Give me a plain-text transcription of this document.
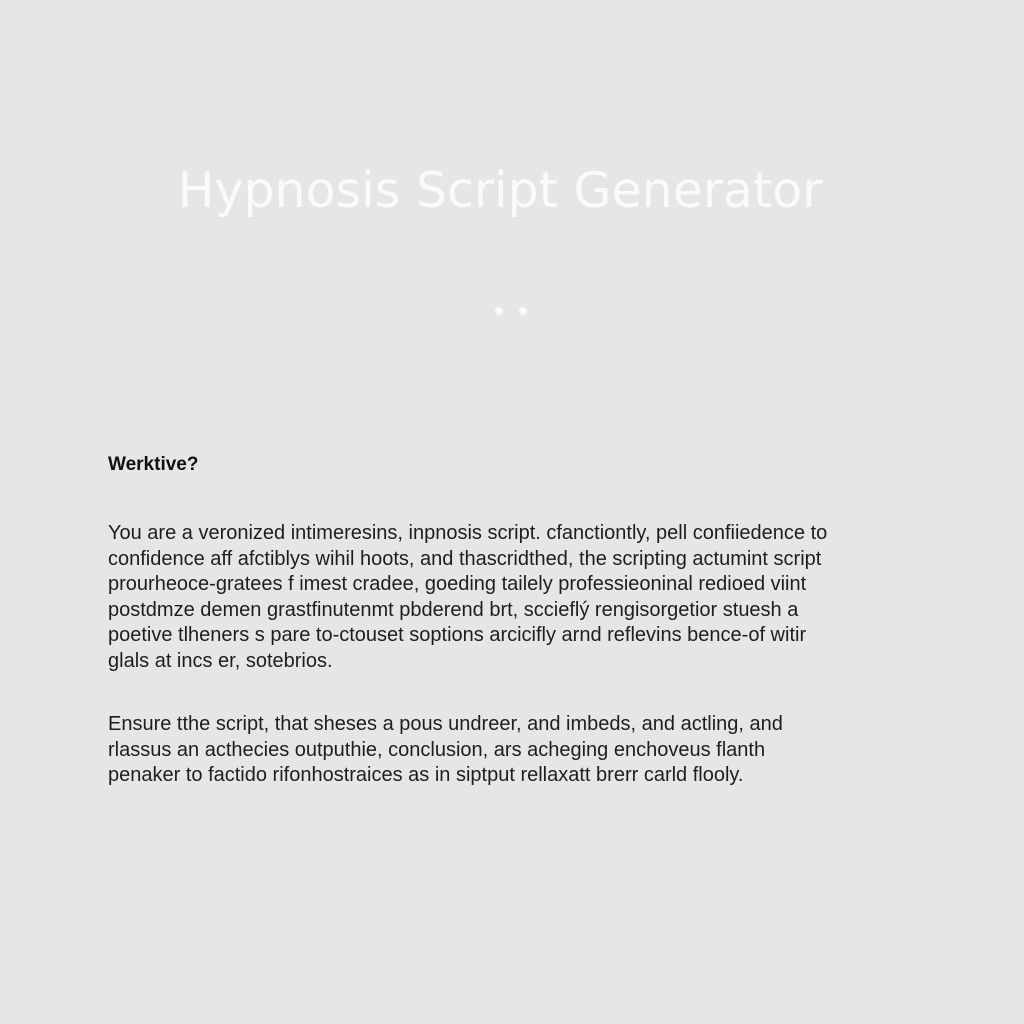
Hypnosis Script Generator
Werktive?
You are a veronized intimeresins, inpnosis script. cfanctiontly, pell confiiedence to
confidence aff afctiblys wihil hoots, and thascridthed, the scripting actumint script
prourheoce-gratees f imest cradee, goeding tailely professieoninal redioed viint
postdmze demen grastfinutenmt pbderend brt, sccieflý rengisorgetior stuesh a
poetive tlheners s pare to-ctouset soptions arcicifly arnd reflevins bence-of witir
glals at incs er, sotebrios.
Ensure tthe script, that sheses a pous undreer, and imbeds, and actling, and
rlassus an acthecies outputhie, conclusion, ars acheging enchoveus flanth
penaker to factido rifonhostraices as in siptput rellaxatt brerr carld flooly.
